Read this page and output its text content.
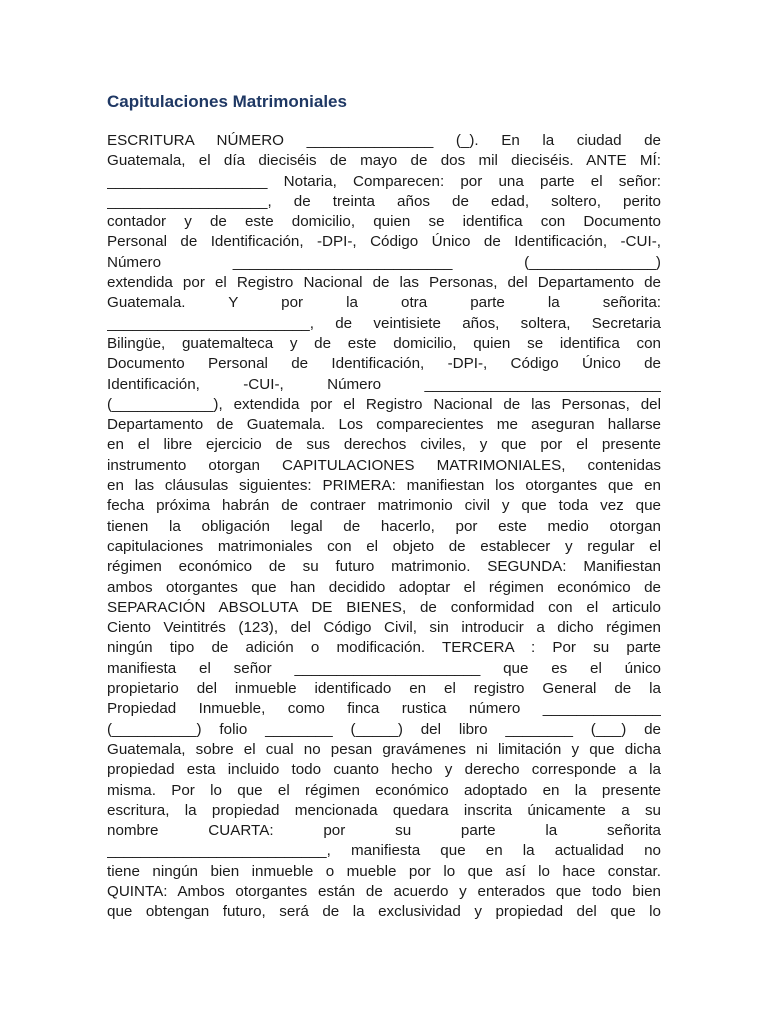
Capitulaciones Matrimoniales
ESCRITURA NÚMERO _______________ (_). En la ciudad de
Guatemala, el día dieciséis de mayo de dos mil dieciséis. ANTE MÍ:
___________________ Notaria, Comparecen: por una parte el señor:
___________________, de treinta años de edad, soltero, perito
contador y de este domicilio, quien se identifica con Documento
Personal de Identificación, -DPI-, Código Único de Identificación, -CUI-,
Número __________________________ (_______________)
extendida por el Registro Nacional de las Personas, del Departamento de
Guatemala. Y por la otra parte la señorita:
________________________, de veintisiete años, soltera, Secretaria
Bilingüe, guatemalteca y de este domicilio, quien se identifica con
Documento Personal de Identificación, -DPI-, Código Único de
Identificación, -CUI-, Número ____________________________
(____________), extendida por el Registro Nacional de las Personas, del
Departamento de Guatemala. Los comparecientes me aseguran hallarse
en el libre ejercicio de sus derechos civiles, y que por el presente
instrumento otorgan CAPITULACIONES MATRIMONIALES, contenidas
en las cláusulas siguientes: PRIMERA: manifiestan los otorgantes que en
fecha próxima habrán de contraer matrimonio civil y que toda vez que
tienen la obligación legal de hacerlo, por este medio otorgan
capitulaciones matrimoniales con el objeto de establecer y regular el
régimen económico de su futuro matrimonio. SEGUNDA: Manifiestan
ambos otorgantes que han decidido adoptar el régimen económico de
SEPARACIÓN ABSOLUTA DE BIENES, de conformidad con el articulo
Ciento Veintitrés (123), del Código Civil, sin introducir a dicho régimen
ningún tipo de adición o modificación. TERCERA : Por su parte
manifiesta el señor ______________________ que es el único
propietario del inmueble identificado en el registro General de la
Propiedad Inmueble, como finca rustica número ______________
(__________) folio ________ (_____) del libro ________ (___) de
Guatemala, sobre el cual no pesan gravámenes ni limitación y que dicha
propiedad esta incluido todo cuanto hecho y derecho corresponde a la
misma. Por lo que el régimen económico adoptado en la presente
escritura, la propiedad mencionada quedara inscrita únicamente a su
nombre CUARTA: por su parte la señorita
__________________________, manifiesta que en la actualidad no
tiene ningún bien inmueble o mueble por lo que así lo hace constar.
QUINTA: Ambos otorgantes están de acuerdo y enterados que todo bien
que obtengan futuro, será de la exclusividad y propiedad del que lo
